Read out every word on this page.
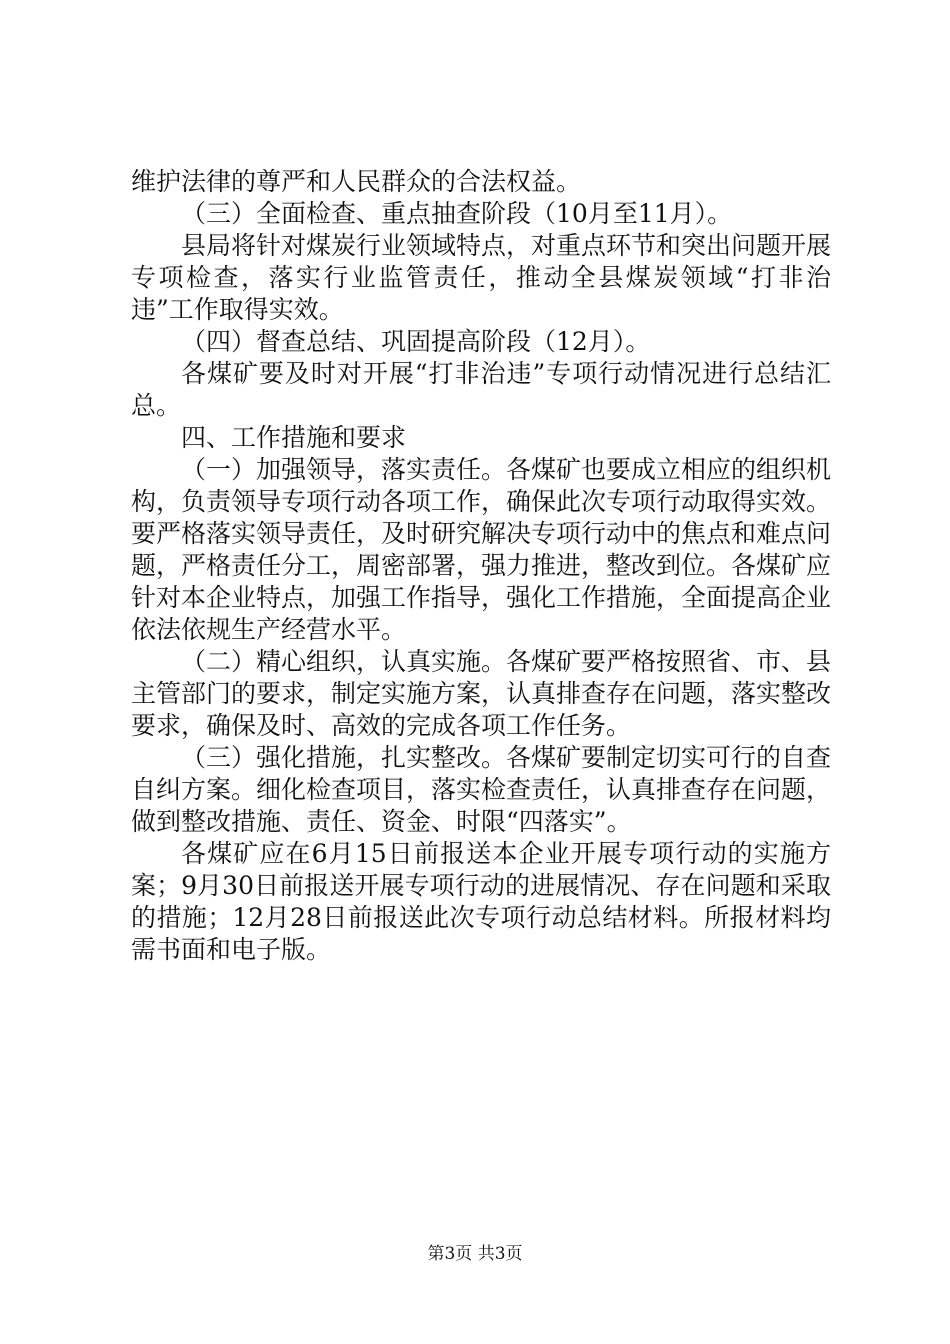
维护法律的尊严和人民群众的合法权益。

（三）全面检查、重点抽查阶段（10月至11月）。

县局将针对煤炭行业领域特点，对重点环节和突出问题开展专项检查，落实行业监管责任，推动全县煤炭领域“打非治违”工作取得实效。

（四）督查总结、巩固提高阶段（12月）。

各煤矿要及时对开展“打非治违”专项行动情况进行总结汇总。

四、工作措施和要求

（一）加强领导，落实责任。各煤矿也要成立相应的组织机构，负责领导专项行动各项工作，确保此次专项行动取得实效。要严格落实领导责任，及时研究解决专项行动中的焦点和难点问题，严格责任分工，周密部署，强力推进，整改到位。各煤矿应针对本企业特点，加强工作指导，强化工作措施，全面提高企业依法依规生产经营水平。

（二）精心组织，认真实施。各煤矿要严格按照省、市、县主管部门的要求，制定实施方案，认真排查存在问题，落实整改要求，确保及时、高效的完成各项工作任务。

（三）强化措施，扎实整改。各煤矿要制定切实可行的自查自纠方案。细化检查项目，落实检查责任，认真排查存在问题，做到整改措施、责任、资金、时限“四落实”。

各煤矿应在6月15日前报送本企业开展专项行动的实施方案；9月30日前报送开展专项行动的进展情况、存在问题和采取的措施；12月28日前报送此次专项行动总结材料。所报材料均需书面和电子版。

第3页 共3页
